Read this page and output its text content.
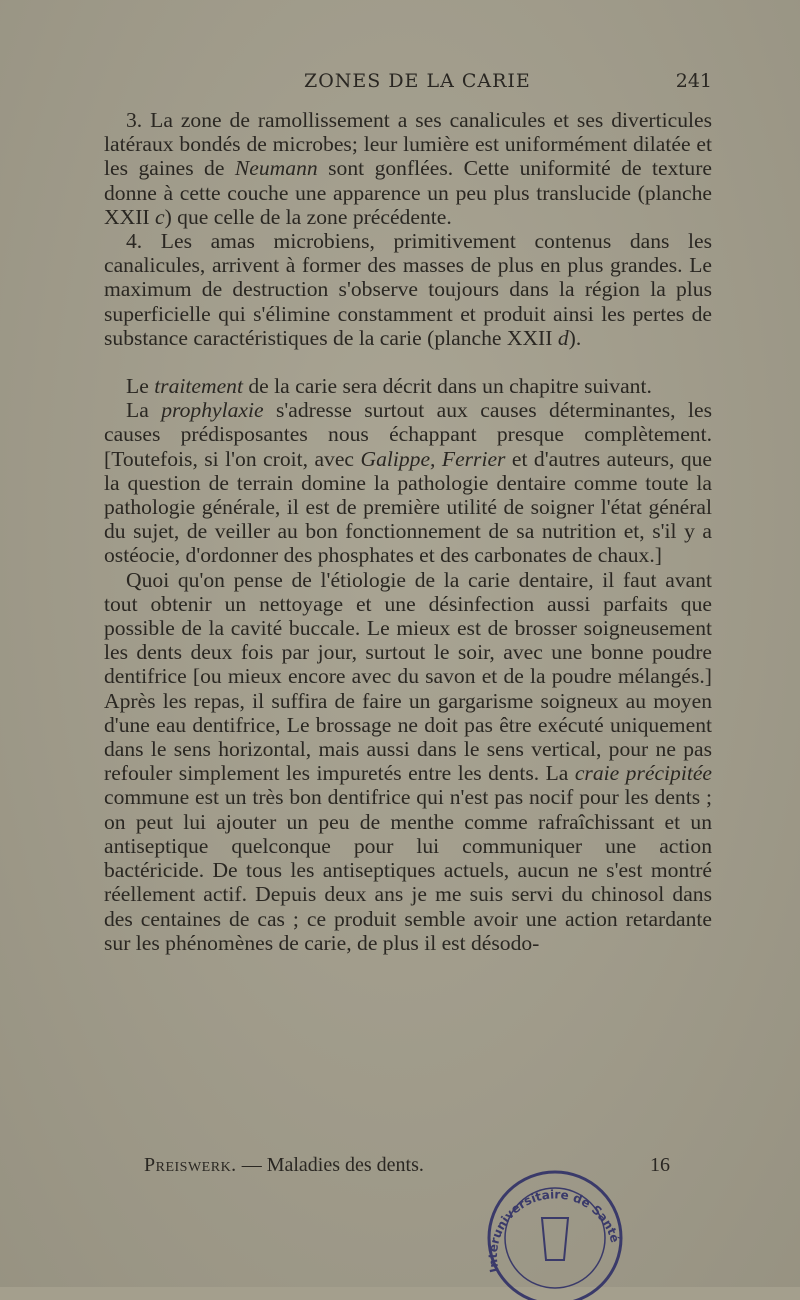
ZONES DE LA CARIE	241

3. La zone de ramollissement a ses canalicules et ses diverticules latéraux bondés de microbes; leur lumière est uniformément dilatée et les gaines de Neumann sont gonflées. Cette uniformité de texture donne à cette couche une apparence un peu plus translucide (planche XXII c) que celle de la zone précédente.

4. Les amas microbiens, primitivement contenus dans les canalicules, arrivent à former des masses de plus en plus grandes. Le maximum de destruction s'observe toujours dans la région la plus superficielle qui s'élimine constamment et produit ainsi les pertes de substance caractéristiques de la carie (planche XXII d).

Le traitement de la carie sera décrit dans un chapitre suivant.

La prophylaxie s'adresse surtout aux causes déterminantes, les causes prédisposantes nous échappant presque complètement. [Toutefois, si l'on croit, avec Galippe, Ferrier et d'autres auteurs, que la question de terrain domine la pathologie dentaire comme toute la pathologie générale, il est de première utilité de soigner l'état général du sujet, de veiller au bon fonctionnement de sa nutrition et, s'il y a ostéocie, d'ordonner des phosphates et des carbonates de chaux.]

Quoi qu'on pense de l'étiologie de la carie dentaire, il faut avant tout obtenir un nettoyage et une désinfection aussi parfaits que possible de la cavité buccale. Le mieux est de brosser soigneusement les dents deux fois par jour, surtout le soir, avec une bonne poudre dentifrice [ou mieux encore avec du savon et de la poudre mélangés.] Après les repas, il suffira de faire un gargarisme soigneux au moyen d'une eau dentifrice, Le brossage ne doit pas être exécuté uniquement dans le sens horizontal, mais aussi dans le sens vertical, pour ne pas refouler simplement les impuretés entre les dents. La craie précipitée commune est un très bon dentifrice qui n'est pas nocif pour les dents ; on peut lui ajouter un peu de menthe comme rafraîchissant et un antiseptique quelconque pour lui communiquer une action bactéricide. De tous les antiseptiques actuels, aucun ne s'est montré réellement actif. Depuis deux ans je me suis servi du chinosol dans des centaines de cas ; ce produit semble avoir une action retardante sur les phénomènes de carie, de plus il est désodo-

Preiswerk. — Maladies des dents.	16
Interuniversitaire de Santé
